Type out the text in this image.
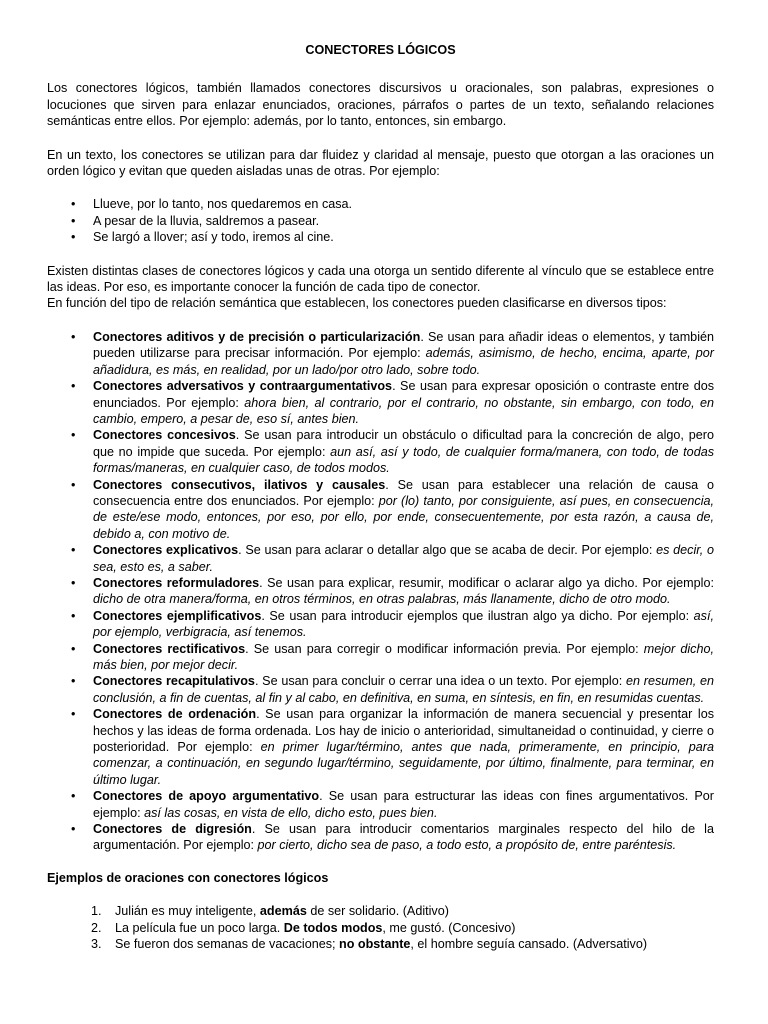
CONECTORES LÓGICOS

Los conectores lógicos, también llamados conectores discursivos u oracionales, son palabras, expresiones o locuciones que sirven para enlazar enunciados, oraciones, párrafos o partes de un texto, señalando relaciones semánticas entre ellos. Por ejemplo: además, por lo tanto, entonces, sin embargo.

En un texto, los conectores se utilizan para dar fluidez y claridad al mensaje, puesto que otorgan a las oraciones un orden lógico y evitan que queden aisladas unas de otras. Por ejemplo:

• Llueve, por lo tanto, nos quedaremos en casa.
• A pesar de la lluvia, saldremos a pasear.
• Se largó a llover; así y todo, iremos al cine.

Existen distintas clases de conectores lógicos y cada una otorga un sentido diferente al vínculo que se establece entre las ideas. Por eso, es importante conocer la función de cada tipo de conector.

En función del tipo de relación semántica que establecen, los conectores pueden clasificarse en diversos tipos:

• Conectores aditivos y de precisión o particularización. Se usan para añadir ideas o elementos, y también pueden utilizarse para precisar información. Por ejemplo: además, asimismo, de hecho, encima, aparte, por añadidura, es más, en realidad, por un lado/por otro lado, sobre todo.
• Conectores adversativos y contraargumentativos. Se usan para expresar oposición o contraste entre dos enunciados. Por ejemplo: ahora bien, al contrario, por el contrario, no obstante, sin embargo, con todo, en cambio, empero, a pesar de, eso sí, antes bien.
• Conectores concesivos. Se usan para introducir un obstáculo o dificultad para la concreción de algo, pero que no impide que suceda. Por ejemplo: aun así, así y todo, de cualquier forma/manera, con todo, de todas formas/maneras, en cualquier caso, de todos modos.
• Conectores consecutivos, ilativos y causales. Se usan para establecer una relación de causa o consecuencia entre dos enunciados. Por ejemplo: por (lo) tanto, por consiguiente, así pues, en consecuencia, de este/ese modo, entonces, por eso, por ello, por ende, consecuentemente, por esta razón, a causa de, debido a, con motivo de.
• Conectores explicativos. Se usan para aclarar o detallar algo que se acaba de decir. Por ejemplo: es decir, o sea, esto es, a saber.
• Conectores reformuladores. Se usan para explicar, resumir, modificar o aclarar algo ya dicho. Por ejemplo: dicho de otra manera/forma, en otros términos, en otras palabras, más llanamente, dicho de otro modo.
• Conectores ejemplificativos. Se usan para introducir ejemplos que ilustran algo ya dicho. Por ejemplo: así, por ejemplo, verbigracia, así tenemos.
• Conectores rectificativos. Se usan para corregir o modificar información previa. Por ejemplo: mejor dicho, más bien, por mejor decir.
• Conectores recapitulativos. Se usan para concluir o cerrar una idea o un texto. Por ejemplo: en resumen, en conclusión, a fin de cuentas, al fin y al cabo, en definitiva, en suma, en síntesis, en fin, en resumidas cuentas.
• Conectores de ordenación. Se usan para organizar la información de manera secuencial y presentar los hechos y las ideas de forma ordenada. Los hay de inicio o anterioridad, simultaneidad o continuidad, y cierre o posterioridad. Por ejemplo: en primer lugar/término, antes que nada, primeramente, en principio, para comenzar, a continuación, en segundo lugar/término, seguidamente, por último, finalmente, para terminar, en último lugar.
• Conectores de apoyo argumentativo. Se usan para estructurar las ideas con fines argumentativos. Por ejemplo: así las cosas, en vista de ello, dicho esto, pues bien.
• Conectores de digresión. Se usan para introducir comentarios marginales respecto del hilo de la argumentación. Por ejemplo: por cierto, dicho sea de paso, a todo esto, a propósito de, entre paréntesis.
Ejemplos de oraciones con conectores lógicos
1. Julián es muy inteligente, además de ser solidario. (Aditivo)
2. La película fue un poco larga. De todos modos, me gustó. (Concesivo)
3. Se fueron dos semanas de vacaciones; no obstante, el hombre seguía cansado. (Adversativo)
